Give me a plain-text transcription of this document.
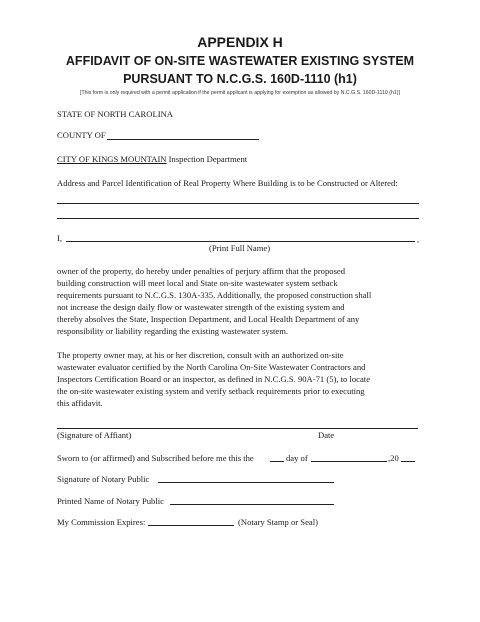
APPENDIX H
AFFIDAVIT OF ON-SITE WASTEWATER EXISTING SYSTEM
PURSUANT TO N.C.G.S. 160D-1110 (h1)
[This form is only required with a permit application if the permit applicant is applying for exemption as allowed by N.C.G.S. 160D-1110 (h1)]
STATE OF NORTH CAROLINA
COUNTY OF
CITY OF KINGS MOUNTAIN Inspection Department
Address and Parcel Identification of Real Property Where Building is to be Constructed or Altered:
I,	,
(Print Full Name)
owner of the property, do hereby under penalties of perjury affirm that the proposed
building construction will meet local and State on-site wastewater system setback
requirements pursuant to N.C.G.S. 130A-335. Additionally, the proposed construction shall
not increase the design daily flow or wastewater strength of the existing system and
thereby absolves the State, Inspection Department, and Local Health Department of any
responsibility or liability regarding the existing wastewater system.
The property owner may, at his or her discretion, consult with an authorized on-site
wastewater evaluator certified by the North Carolina On-Site Wastewater Contractors and
Inspectors Certification Board or an inspector, as defined in N.C.G.S. 90A-71 (5), to locate
the on-site wastewater existing system and verify setback requirements prior to executing
this affidavit.
(Signature of Affiant)	Date
Sworn to (or affirmed) and Subscribed before me this the	day of	,20
Signature of Notary Public
Printed Name of Notary Public
My Commission Expires:	(Notary Stamp or Seal)
